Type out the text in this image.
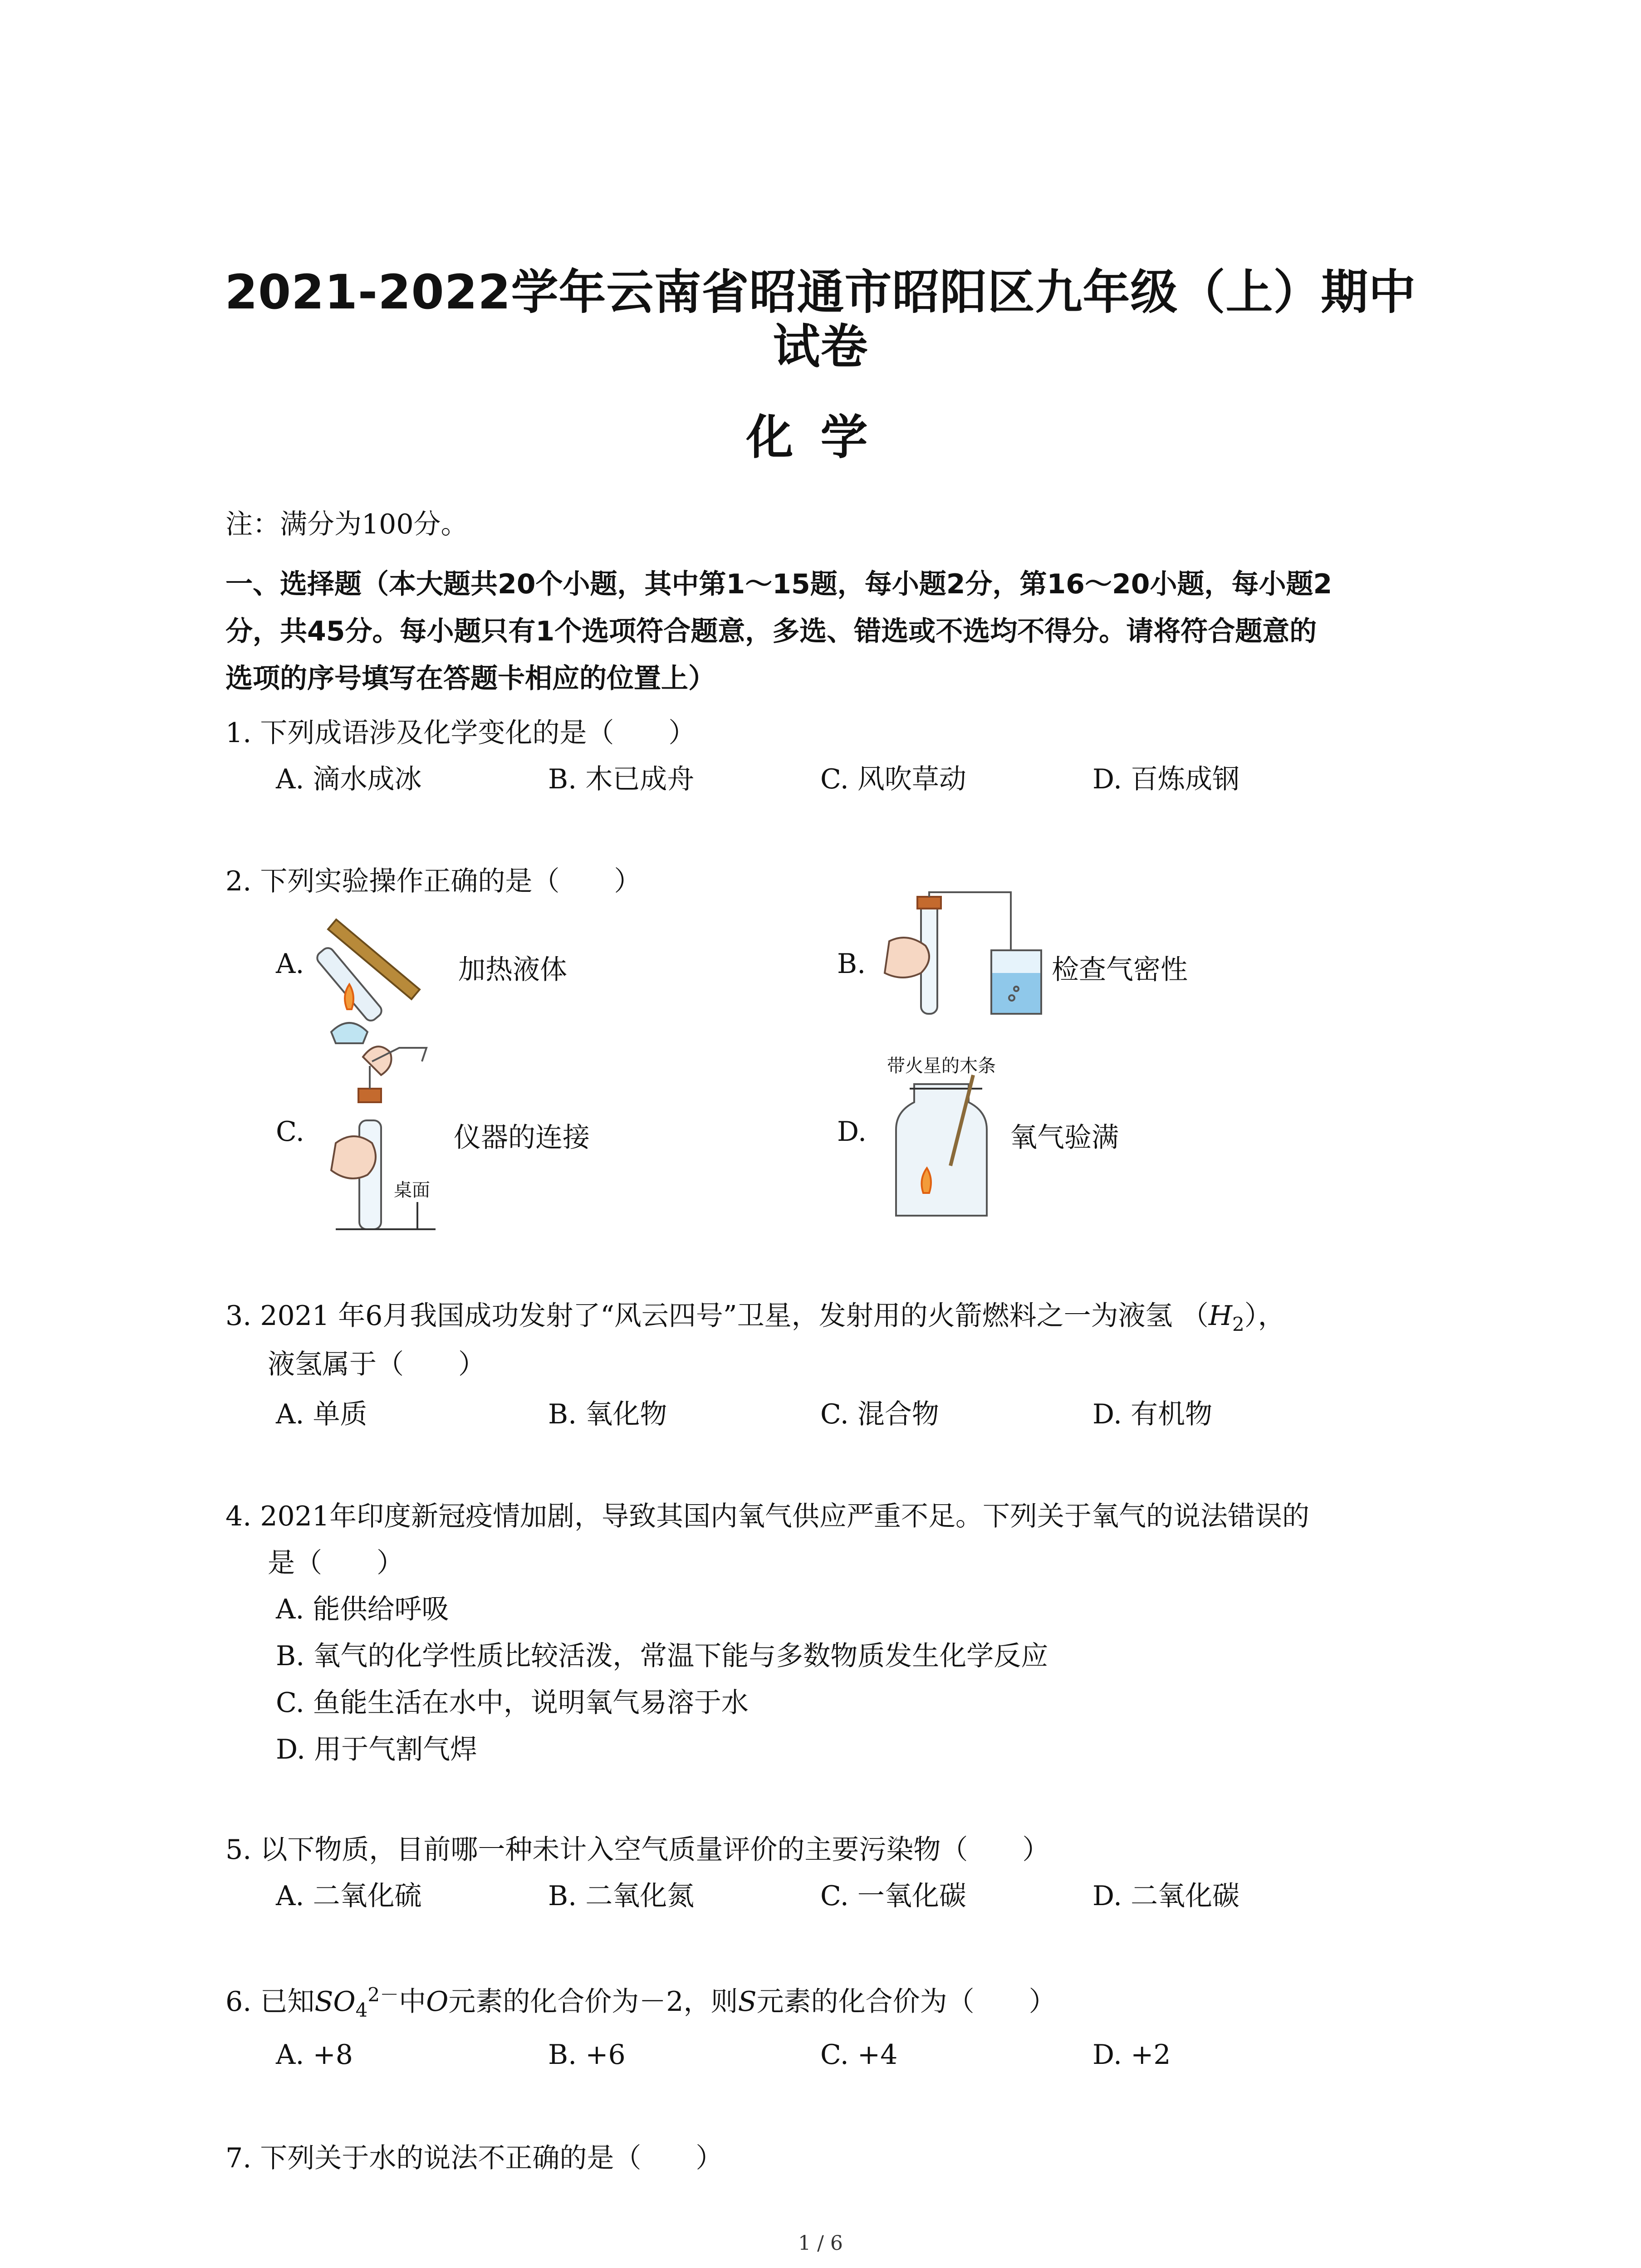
2021-2022学年云南省昭通市昭阳区九年级（上）期中
试卷
化学
注：满分为100分。
一、选择题（本大题共20个小题，其中第1～15题，每小题2分，第16～20小题，每小题2
分，共45分。每小题只有1个选项符合题意，多选、错选或不选均不得分。请将符合题意的
选项的序号填写在答题卡相应的位置上）
1. 下列成语涉及化学变化的是（　　）
A. 滴水成冰	B. 木已成舟	C. 风吹草动	D. 百炼成钢
2. 下列实验操作正确的是（　　）
A.	加热液体	B.	检查气密性
带火星的木条
C.
桌面
仪器的连接	D.	氧气验满
3. 2021 年6月我国成功发射了“风云四号”卫星，发射用的火箭燃料之一为液氢 $(H_2)$，
液氢属于（　　）
A. 单质	B. 氧化物	C. 混合物	D. 有机物
4. 2021年印度新冠疫情加剧，导致其国内氧气供应严重不足。下列关于氧气的说法错误的
是（　　）
A. 能供给呼吸
B. 氧气的化学性质比较活泼，常温下能与多数物质发生化学反应
C. 鱼能生活在水中，说明氧气易溶于水
D. 用于气割气焊
5. 以下物质，目前哪一种未计入空气质量评价的主要污染物（　　）
A. 二氧化硫	B. 二氧化氮	C. 一氧化碳	D. 二氧化碳
6. 已知$SO_4^{2-}$中O元素的化合价为－2，则S元素的化合价为（　　）
A. +8	B. +6	C. +4	D. +2
7. 下列关于水的说法不正确的是（　　）
1 / 6
